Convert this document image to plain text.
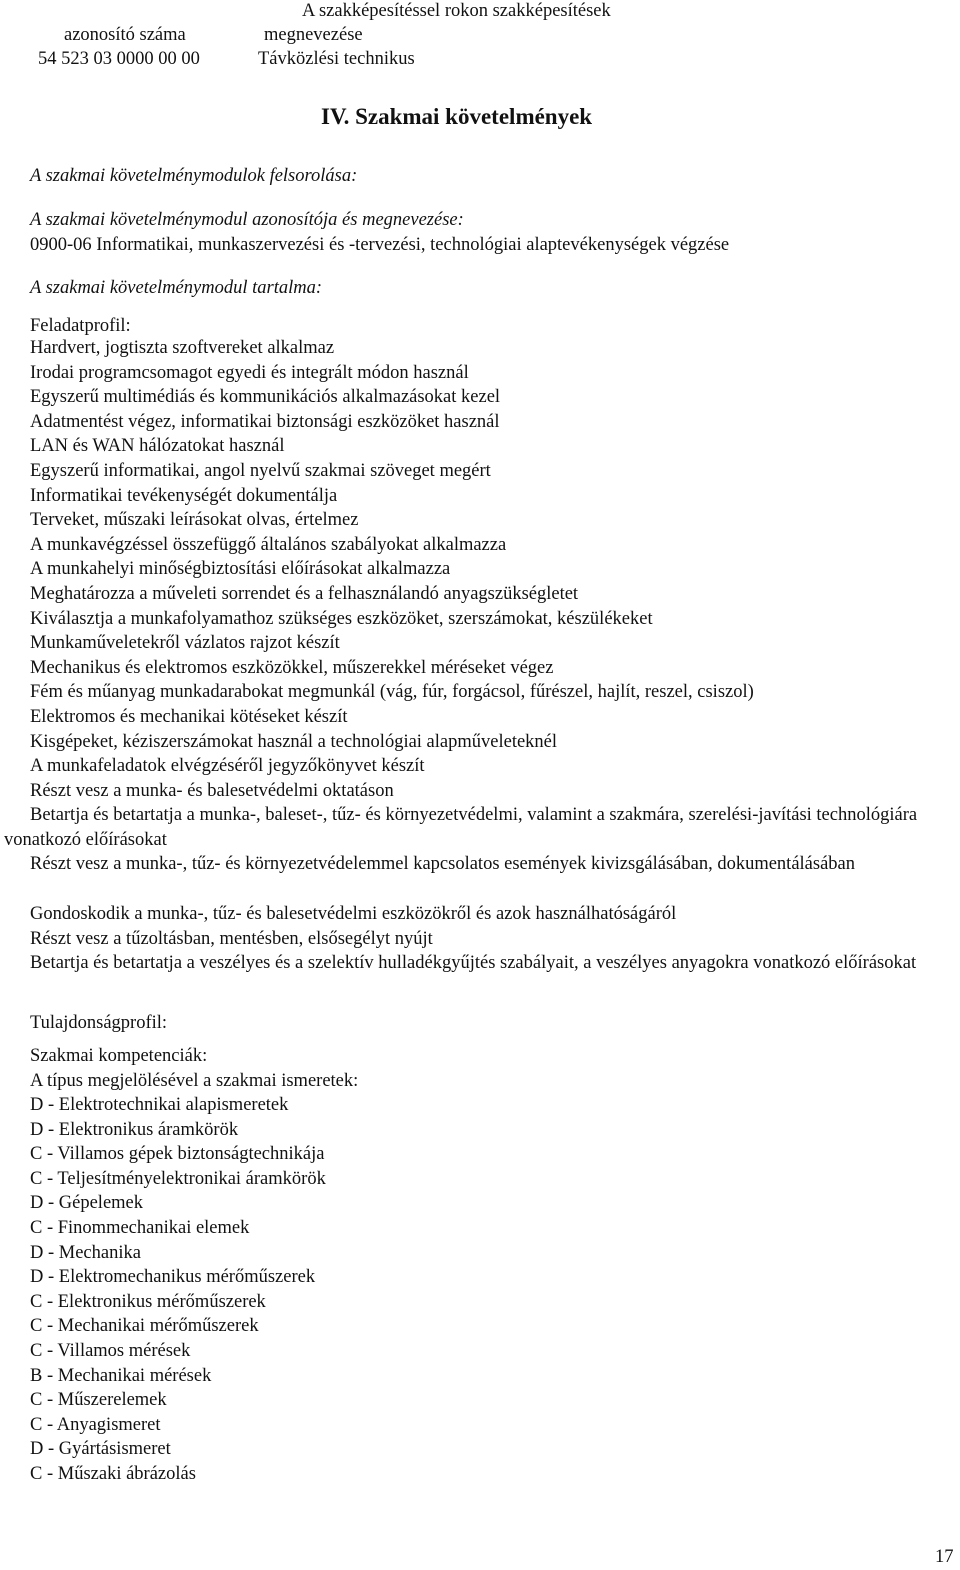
A szakképesítéssel rokon szakképesítések
azonosító száma	megnevezése
54 523 03 0000 00 00	Távközlési technikus
IV. Szakmai követelmények
A szakmai követelménymodulok felsorolása:
A szakmai követelménymodul azonosítója és megnevezése:
0900-06 Informatikai, munkaszervezési és -tervezési, technológiai alaptevékenységek végzése
A szakmai követelménymodul tartalma:
Feladatprofil:
Hardvert, jogtiszta szoftvereket alkalmaz
Irodai programcsomagot egyedi és integrált módon használ
Egyszerű multimédiás és kommunikációs alkalmazásokat kezel
Adatmentést végez, informatikai biztonsági eszközöket használ
LAN és WAN hálózatokat használ
Egyszerű informatikai, angol nyelvű szakmai szöveget megért
Informatikai tevékenységét dokumentálja
Terveket, műszaki leírásokat olvas, értelmez
A munkavégzéssel összefüggő általános szabályokat alkalmazza
A munkahelyi minőségbiztosítási előírásokat alkalmazza
Meghatározza a műveleti sorrendet és a felhasználandó anyagszükségletet
Kiválasztja a munkafolyamathoz szükséges eszközöket, szerszámokat, készülékeket
Munkaműveletekről vázlatos rajzot készít
Mechanikus és elektromos eszközökkel, műszerekkel méréseket végez
Fém és műanyag munkadarabokat megmunkál (vág, fúr, forgácsol, fűrészel, hajlít, reszel, csiszol)
Elektromos és mechanikai kötéseket készít
Kisgépeket, kéziszerszámokat használ a technológiai alapműveleteknél
A munkafeladatok elvégzéséről jegyzőkönyvet készít
Részt vesz a munka- és balesetvédelmi oktatáson

Betartja és betartatja a munka-, baleset-, tűz- és környezetvédelmi, valamint a szakmára, szerelési-javítási technológiára vonatkozó előírásokat

Részt vesz a munka-, tűz- és környezetvédelemmel kapcsolatos események kivizsgálásában, dokumentálásában

Gondoskodik a munka-, tűz- és balesetvédelmi eszközökről és azok használhatóságáról
Részt vesz a tűzoltásban, mentésben, elsősegélyt nyújt

Betartja és betartatja a veszélyes és a szelektív hulladékgyűjtés szabályait, a veszélyes anyagokra vonatkozó előírásokat

Tulajdonságprofil:
Szakmai kompetenciák:
A típus megjelölésével a szakmai ismeretek:
D - Elektrotechnikai alapismeretek
D - Elektronikus áramkörök
C - Villamos gépek biztonságtechnikája
C - Teljesítményelektronikai áramkörök
D - Gépelemek
C - Finommechanikai elemek
D - Mechanika
D - Elektromechanikus mérőműszerek
C - Elektronikus mérőműszerek
C - Mechanikai mérőműszerek
C - Villamos mérések
B - Mechanikai mérések
C - Műszerelemek
C - Anyagismeret
D - Gyártásismeret
C - Műszaki ábrázolás
17
